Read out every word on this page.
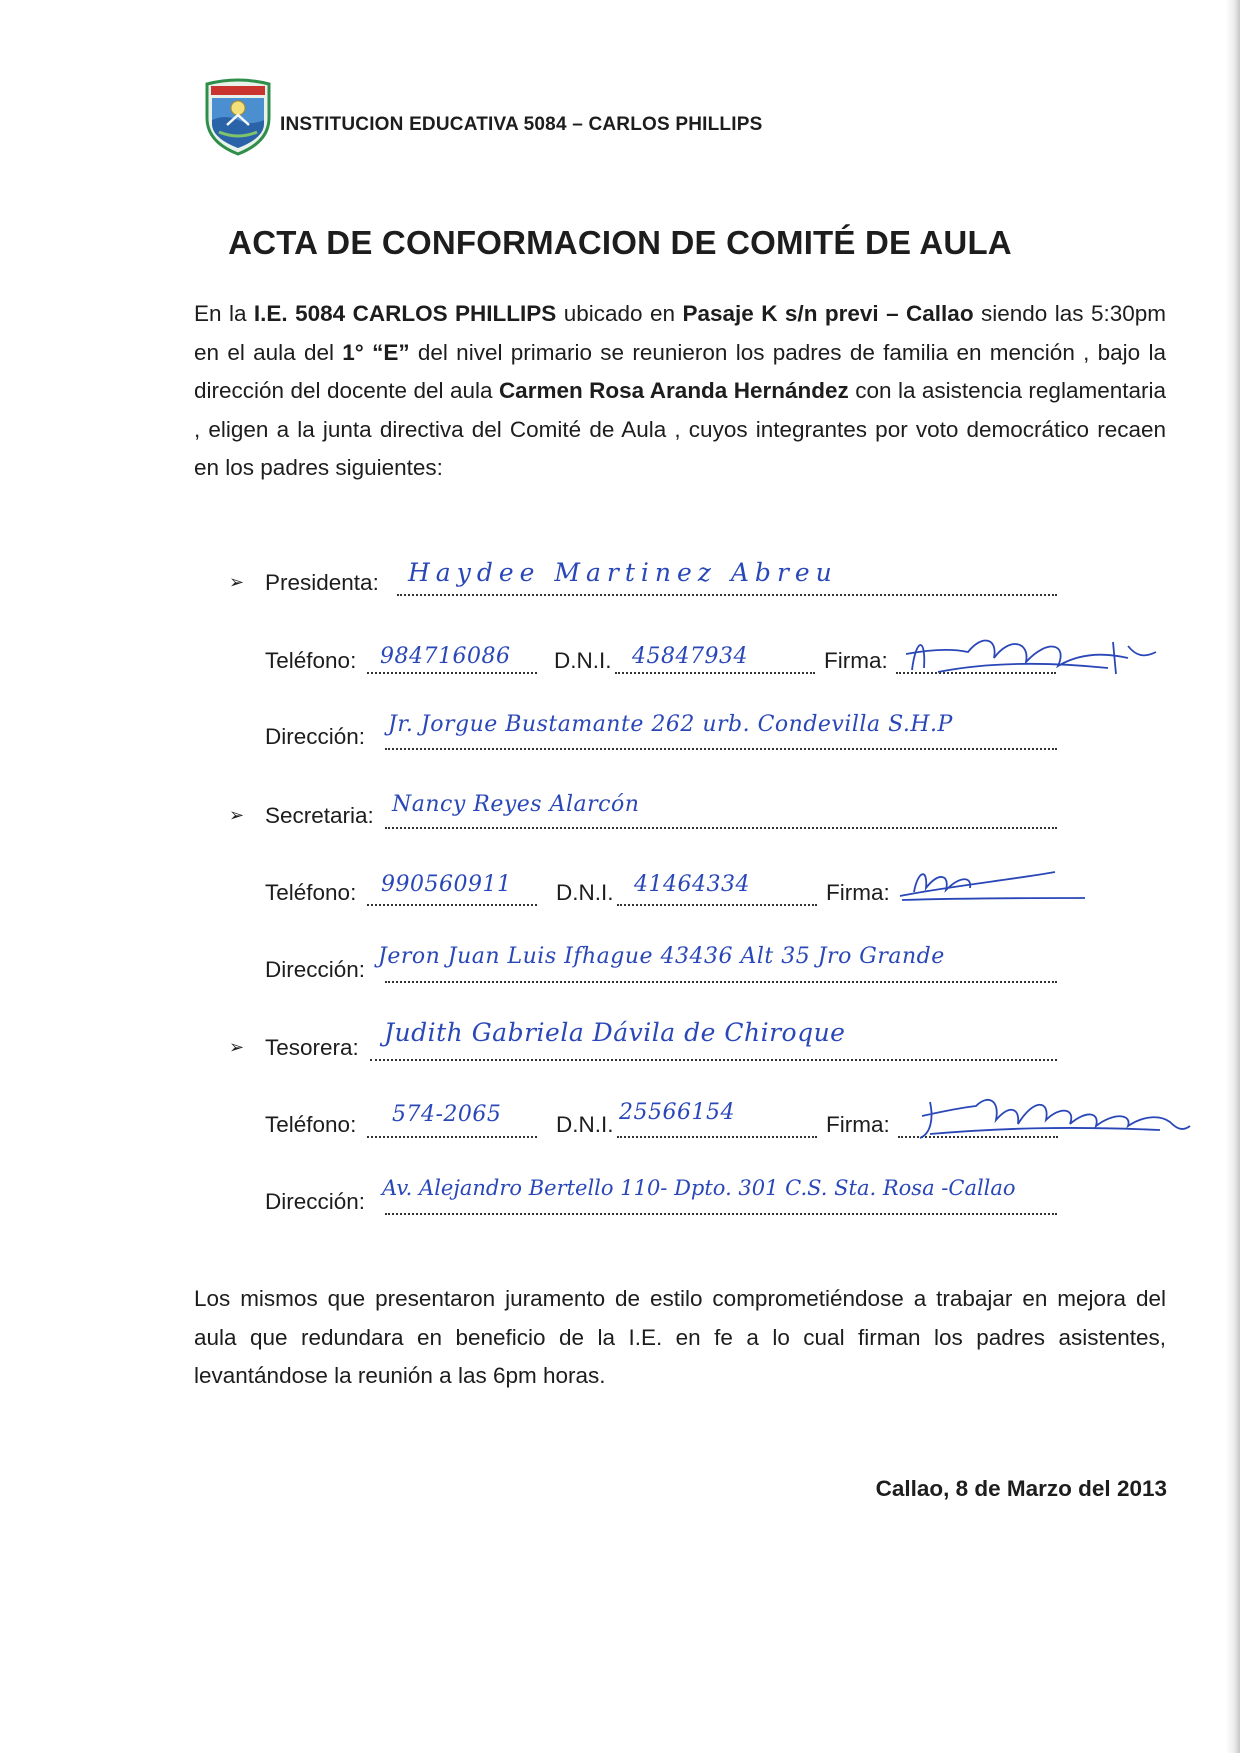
INSTITUCION EDUCATIVA 5084 – CARLOS PHILLIPS
ACTA DE CONFORMACION DE COMITÉ DE AULA
En la I.E. 5084 CARLOS PHILLIPS ubicado en Pasaje K s/n previ – Callao siendo las 5:30pm en el aula del 1° “E” del nivel primario se reunieron los padres de familia en mención , bajo la dirección del docente del aula Carmen Rosa Aranda Hernández con la asistencia reglamentaria , eligen a la junta directiva del Comité de Aula , cuyos integrantes por voto democrático recaen en los padres siguientes:
➢ Presidenta: Haydee Martinez Abreu
Teléfono: 984716086 D.N.I. 45847934	Firma:
Dirección: Jr. Jorgue Bustamante 262 urb. Condevilla S.H.P
➢ Secretaria: Nancy Reyes Alarcón
Teléfono: 990560911 D.N.I. 41464334	Firma:
Dirección:
Jeron Juan Luis Ifhague 43436 Alt 35 Jro Grande
➢ Tesorera:
Judith Gabriela Dávila de Chiroque
Teléfono: 574-2065 D.N.I. 25566154	Firma:
Dirección:
Av. Alejandro Bertello 110- Dpto. 301 C.S. Sta. Rosa -Callao
Los mismos que presentaron juramento de estilo comprometiéndose a trabajar en mejora del aula que redundara en beneficio de la I.E. en fe a lo cual firman los padres asistentes, levantándose la reunión a las 6pm horas.
Callao, 8 de Marzo del 2013
